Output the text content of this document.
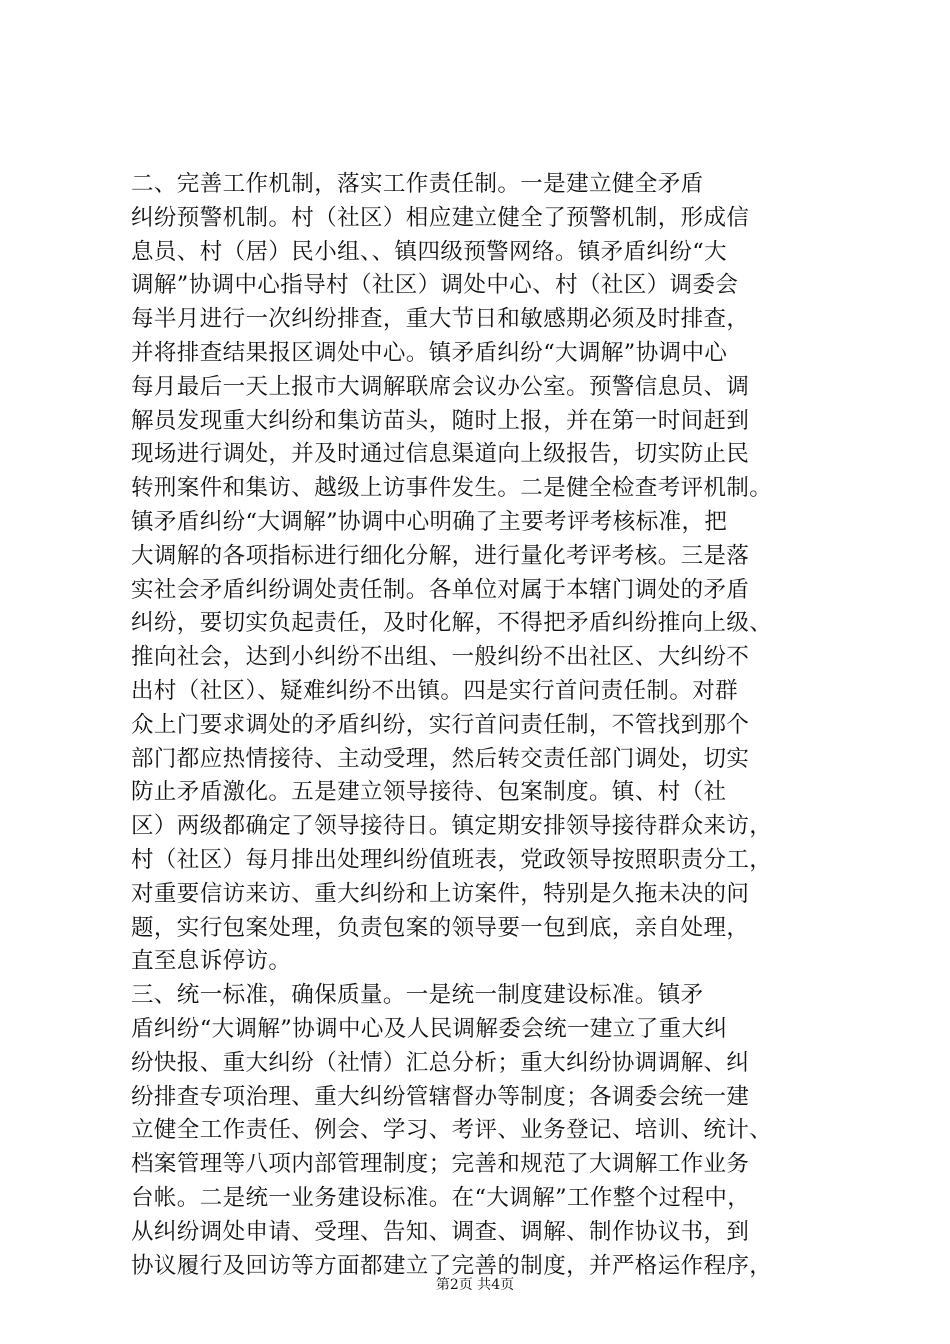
二、完善工作机制，落实工作责任制。一是建立健全矛盾
纠纷预警机制。村（社区）相应建立健全了预警机制，形成信
息员、村（居）民小组、、镇四级预警网络。镇矛盾纠纷“大
调解”协调中心指导村（社区）调处中心、村（社区）调委会
每半月进行一次纠纷排查，重大节日和敏感期必须及时排查，
并将排查结果报区调处中心。镇矛盾纠纷“大调解”协调中心
每月最后一天上报市大调解联席会议办公室。预警信息员、调
解员发现重大纠纷和集访苗头，随时上报，并在第一时间赶到
现场进行调处，并及时通过信息渠道向上级报告，切实防止民
转刑案件和集访、越级上访事件发生。二是健全检查考评机制。
镇矛盾纠纷“大调解”协调中心明确了主要考评考核标准，把
大调解的各项指标进行细化分解，进行量化考评考核。三是落
实社会矛盾纠纷调处责任制。各单位对属于本辖门调处的矛盾
纠纷，要切实负起责任，及时化解，不得把矛盾纠纷推向上级、
推向社会，达到小纠纷不出组、一般纠纷不出社区、大纠纷不
出村（社区）、疑难纠纷不出镇。四是实行首问责任制。对群
众上门要求调处的矛盾纠纷，实行首问责任制，不管找到那个
部门都应热情接待、主动受理，然后转交责任部门调处，切实
防止矛盾激化。五是建立领导接待、包案制度。镇、村（社
区）两级都确定了领导接待日。镇定期安排领导接待群众来访，
村（社区）每月排出处理纠纷值班表，党政领导按照职责分工，
对重要信访来访、重大纠纷和上访案件，特别是久拖未决的问
题，实行包案处理，负责包案的领导要一包到底，亲自处理，
直至息诉停访。
三、统一标准，确保质量。一是统一制度建设标准。镇矛
盾纠纷“大调解”协调中心及人民调解委会统一建立了重大纠
纷快报、重大纠纷（社情）汇总分析；重大纠纷协调调解、纠
纷排查专项治理、重大纠纷管辖督办等制度；各调委会统一建
立健全工作责任、例会、学习、考评、业务登记、培训、统计、
档案管理等八项内部管理制度；完善和规范了大调解工作业务
台帐。二是统一业务建设标准。在“大调解”工作整个过程中，
从纠纷调处申请、受理、告知、调查、调解、制作协议书，到
协议履行及回访等方面都建立了完善的制度，并严格运作程序，
第2页 共4页
